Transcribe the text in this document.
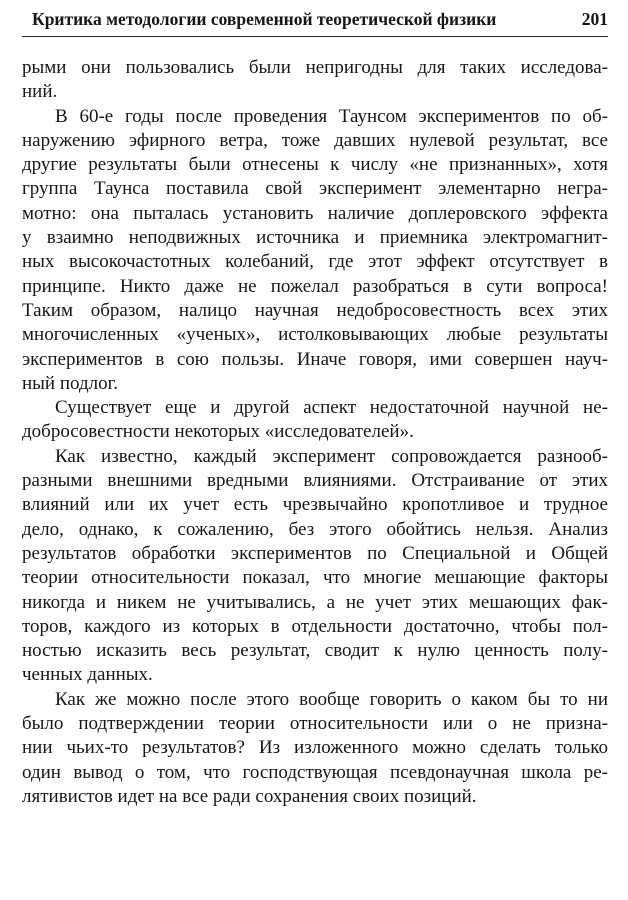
Критика методологии современной теоретической физики	201

рыми они пользовались были непригодны для таких исследова-
ний.

В 60-е годы после проведения Таунсом экспериментов по об-
наружению эфирного ветра, тоже давших нулевой результат, все
другие результаты были отнесены к числу «не признанных», хотя
группа Таунса поставила свой эксперимент элементарно негра-
мотно: она пыталась установить наличие доплеровского эффекта
у взаимно неподвижных источника и приемника электромагнит-
ных высокочастотных колебаний, где этот эффект отсутствует в
принципе. Никто даже не пожелал разобраться в сути вопроса!
Таким образом, налицо научная недобросовестность всех этих
многочисленных «ученых», истолковывающих любые результаты
экспериментов в сою пользы. Иначе говоря, ими совершен науч-
ный подлог.

Существует еще и другой аспект недостаточной научной не-
добросовестности некоторых «исследователей».

Как известно, каждый эксперимент сопровождается разнооб-
разными внешними вредными влияниями. Отстраивание от этих
влияний или их учет есть чрезвычайно кропотливое и трудное
дело, однако, к сожалению, без этого обойтись нельзя. Анализ
результатов обработки экспериментов по Специальной и Общей
теории относительности показал, что многие мешающие факторы
никогда и никем не учитывались, а не учет этих мешающих фак-
торов, каждого из которых в отдельности достаточно, чтобы пол-
ностью исказить весь результат, сводит к нулю ценность полу-
ченных данных.

Как же можно после этого вообще говорить о каком бы то ни
было подтверждении теории относительности или о не призна-
нии чьих-то результатов? Из изложенного можно сделать только
один вывод о том, что господствующая псевдонаучная школа ре-
лятивистов идет на все ради сохранения своих позиций.
